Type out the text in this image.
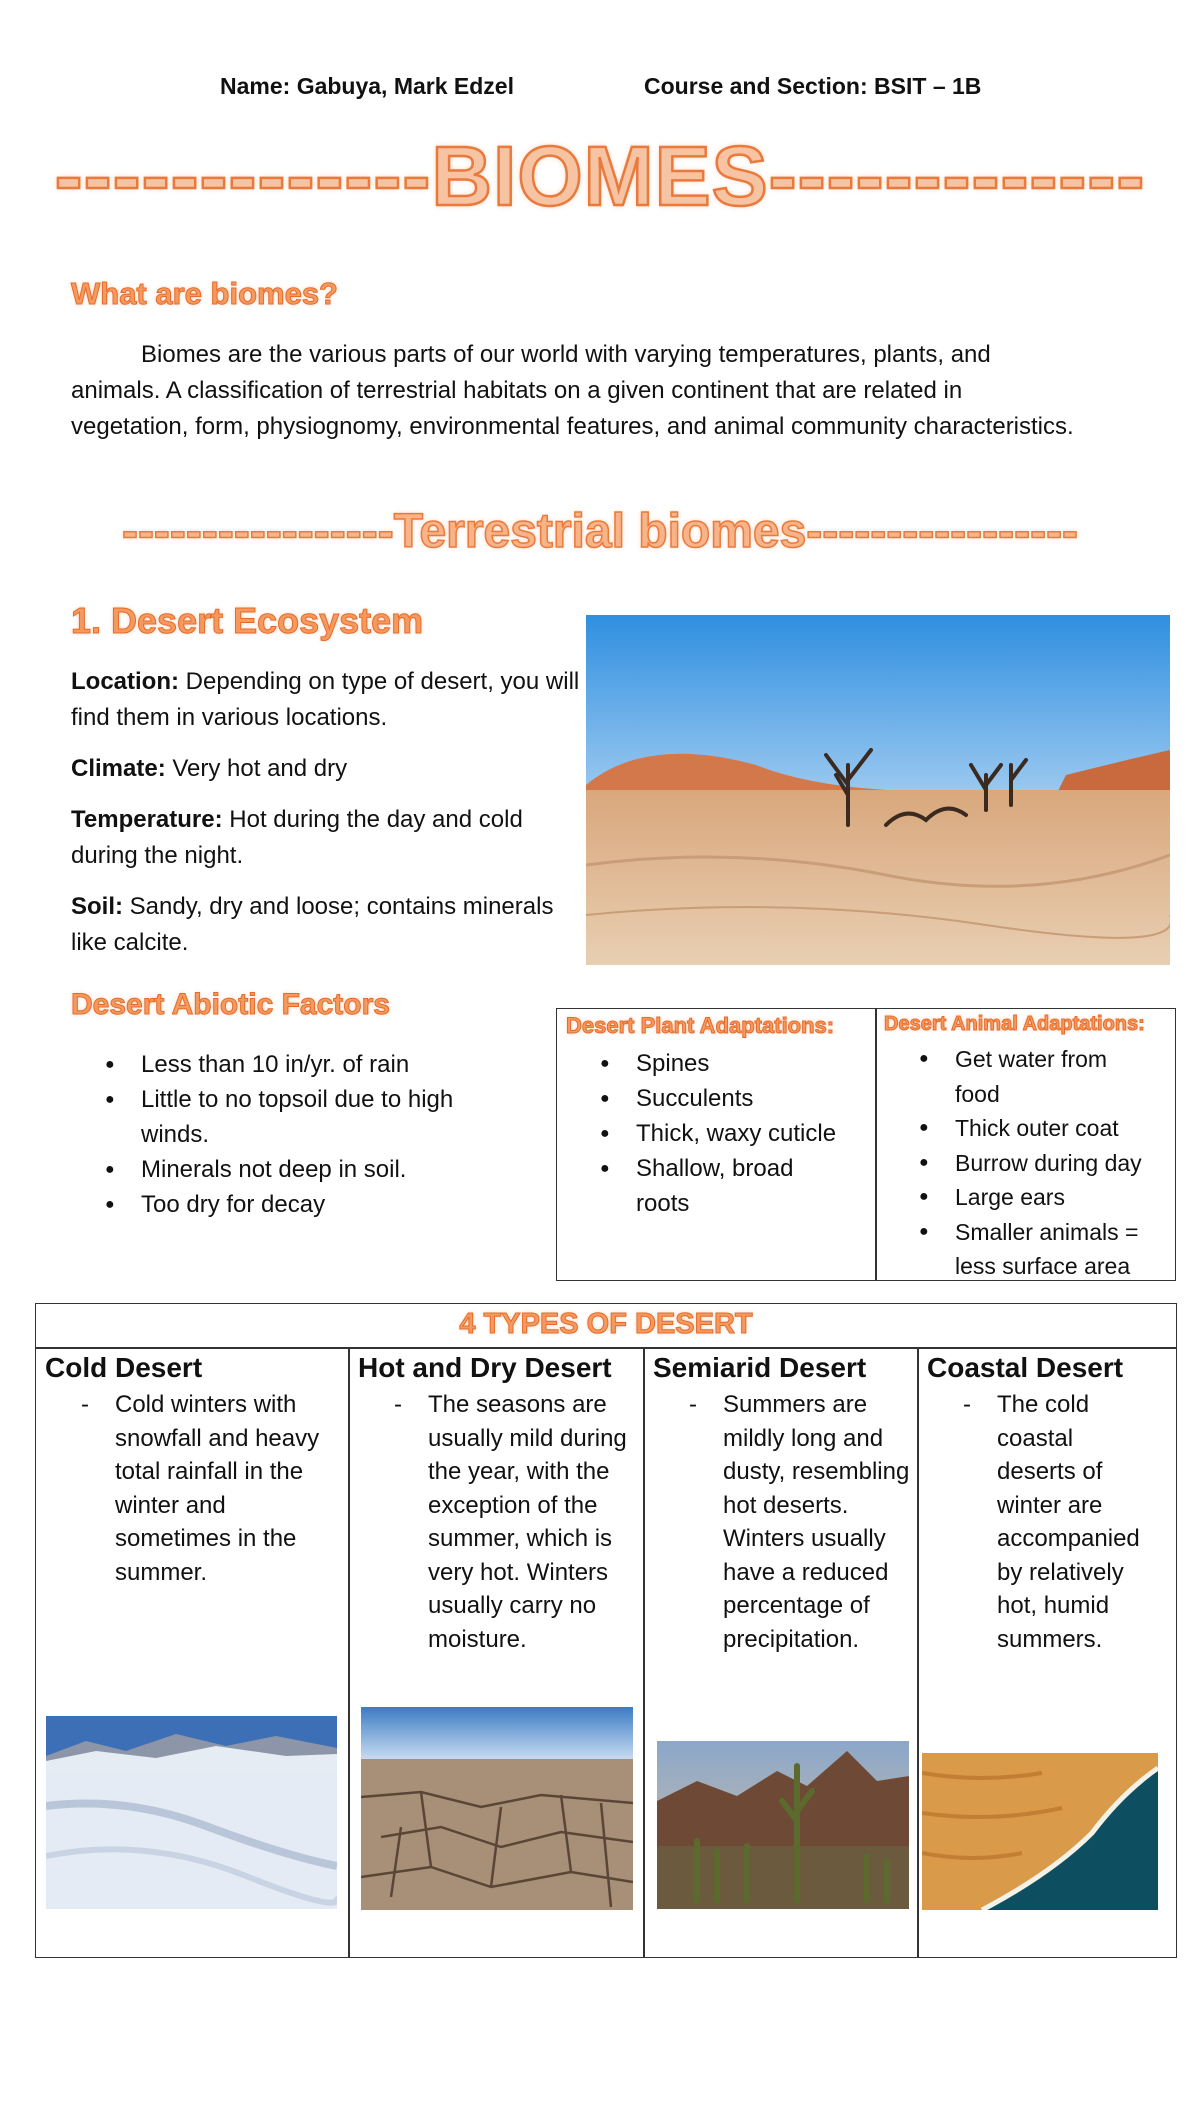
Name: Gabuya, Mark Edzel	Course and Section: BSIT – 1B
-------------BIOMES-------------
What are biomes?

Biomes are the various parts of our world with varying temperatures, plants, and animals. A classification of terrestrial habitats on a given continent that are related in vegetation, form, physiognomy, environmental features, and animal community characteristics.

-----------------Terrestrial biomes-----------------
1. Desert Ecosystem

Location: Depending on type of desert, you will find them in various locations.

Climate: Very hot and dry

Temperature: Hot during the day and cold during the night.

Soil: Sandy, dry and loose; contains minerals like calcite.

Desert Abiotic Factors
● Less than 10 in/yr. of rain
● Little to no topsoil due to high winds.
● Minerals not deep in soil.
● Too dry for decay
Desert Plant Adaptations:
● Spines
● Succulents
● Thick, waxy cuticle
● Shallow, broad roots
Desert Animal Adaptations:
● Get water from food
● Thick outer coat
● Burrow during day
● Large ears
● Smaller animals = less surface area
4 TYPES OF DESERT
Cold Desert
- Cold winters with snowfall and heavy total rainfall in the winter and sometimes in the summer.
Hot and Dry Desert
- The seasons are usually mild during the year, with the exception of the summer, which is very hot. Winters usually carry no moisture.
Semiarid Desert
- Summers are mildly long and dusty, resembling hot deserts. Winters usually have a reduced percentage of precipitation.
Coastal Desert
- The cold coastal deserts of winter are accompanied by relatively hot, humid summers.
